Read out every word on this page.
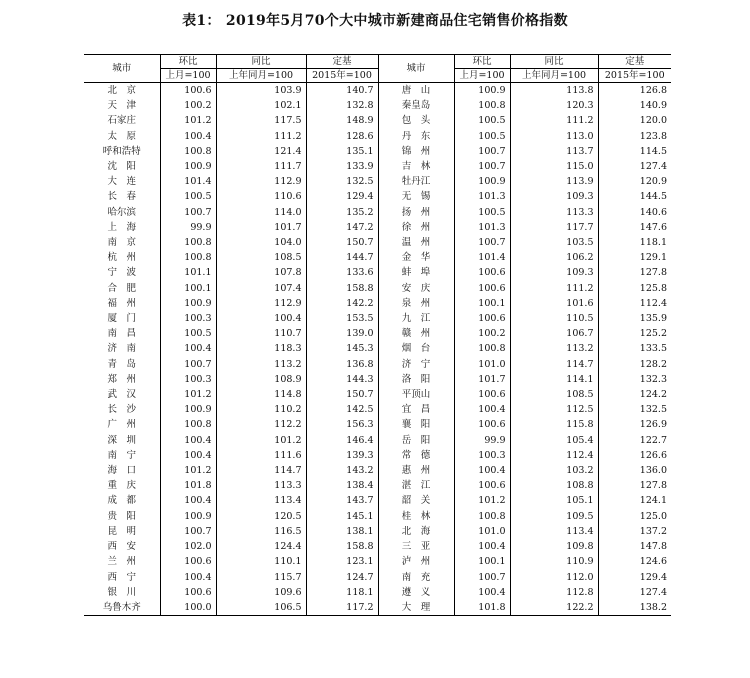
表1： 2019年5月70个大中城市新建商品住宅销售价格指数
城市	环比	同比	定基	城市	环比	同比	定基
	上月=100	上年同月=100	2015年=100		上月=100	上年同月=100	2015年=100
北　京	100.6	103.9	140.7	唐　山	100.9	113.8	126.8
天　津	100.2	102.1	132.8	秦皇岛	100.8	120.3	140.9
石家庄	101.2	117.5	148.9	包　头	100.5	111.2	120.0
太　原	100.4	111.2	128.6	丹　东	100.5	113.0	123.8
呼和浩特	100.8	121.4	135.1	锦　州	100.7	113.7	114.5
沈　阳	100.9	111.7	133.9	吉　林	100.7	115.0	127.4
大　连	101.4	112.9	132.5	牡丹江	100.9	113.9	120.9
长　春	100.5	110.6	129.4	无　锡	101.3	109.3	144.5
哈尔滨	100.7	114.0	135.2	扬　州	100.5	113.3	140.6
上　海	99.9	101.7	147.2	徐　州	101.3	117.7	147.6
南　京	100.8	104.0	150.7	温　州	100.7	103.5	118.1
杭　州	100.8	108.5	144.7	金　华	101.4	106.2	129.1
宁　波	101.1	107.8	133.6	蚌　埠	100.6	109.3	127.8
合　肥	100.1	107.4	158.8	安　庆	100.6	111.2	125.8
福　州	100.9	112.9	142.2	泉　州	100.1	101.6	112.4
厦　门	100.3	100.4	153.5	九　江	100.6	110.5	135.9
南　昌	100.5	110.7	139.0	赣　州	100.2	106.7	125.2
济　南	100.4	118.3	145.3	烟　台	100.8	113.2	133.5
青　岛	100.7	113.2	136.8	济　宁	101.0	114.7	128.2
郑　州	100.3	108.9	144.3	洛　阳	101.7	114.1	132.3
武　汉	101.2	114.8	150.7	平顶山	100.6	108.5	124.2
长　沙	100.9	110.2	142.5	宜　昌	100.4	112.5	132.5
广　州	100.8	112.2	156.3	襄　阳	100.6	115.8	126.9
深　圳	100.4	101.2	146.4	岳　阳	99.9	105.4	122.7
南　宁	100.4	111.6	139.3	常　德	100.3	112.4	126.6
海　口	101.2	114.7	143.2	惠　州	100.4	103.2	136.0
重　庆	101.8	113.3	138.4	湛　江	100.6	108.8	127.8
成　都	100.4	113.4	143.7	韶　关	101.2	105.1	124.1
贵　阳	100.9	120.5	145.1	桂　林	100.8	109.5	125.0
昆　明	100.7	116.5	138.1	北　海	101.0	113.4	137.2
西　安	102.0	124.4	158.8	三　亚	100.4	109.8	147.8
兰　州	100.6	110.1	123.1	泸　州	100.1	110.9	124.6
西　宁	100.4	115.7	124.7	南　充	100.7	112.0	129.4
银　川	100.6	109.6	118.1	遵　义	100.4	112.8	127.4
乌鲁木齐	100.0	106.5	117.2	大　理	101.8	122.2	138.2
